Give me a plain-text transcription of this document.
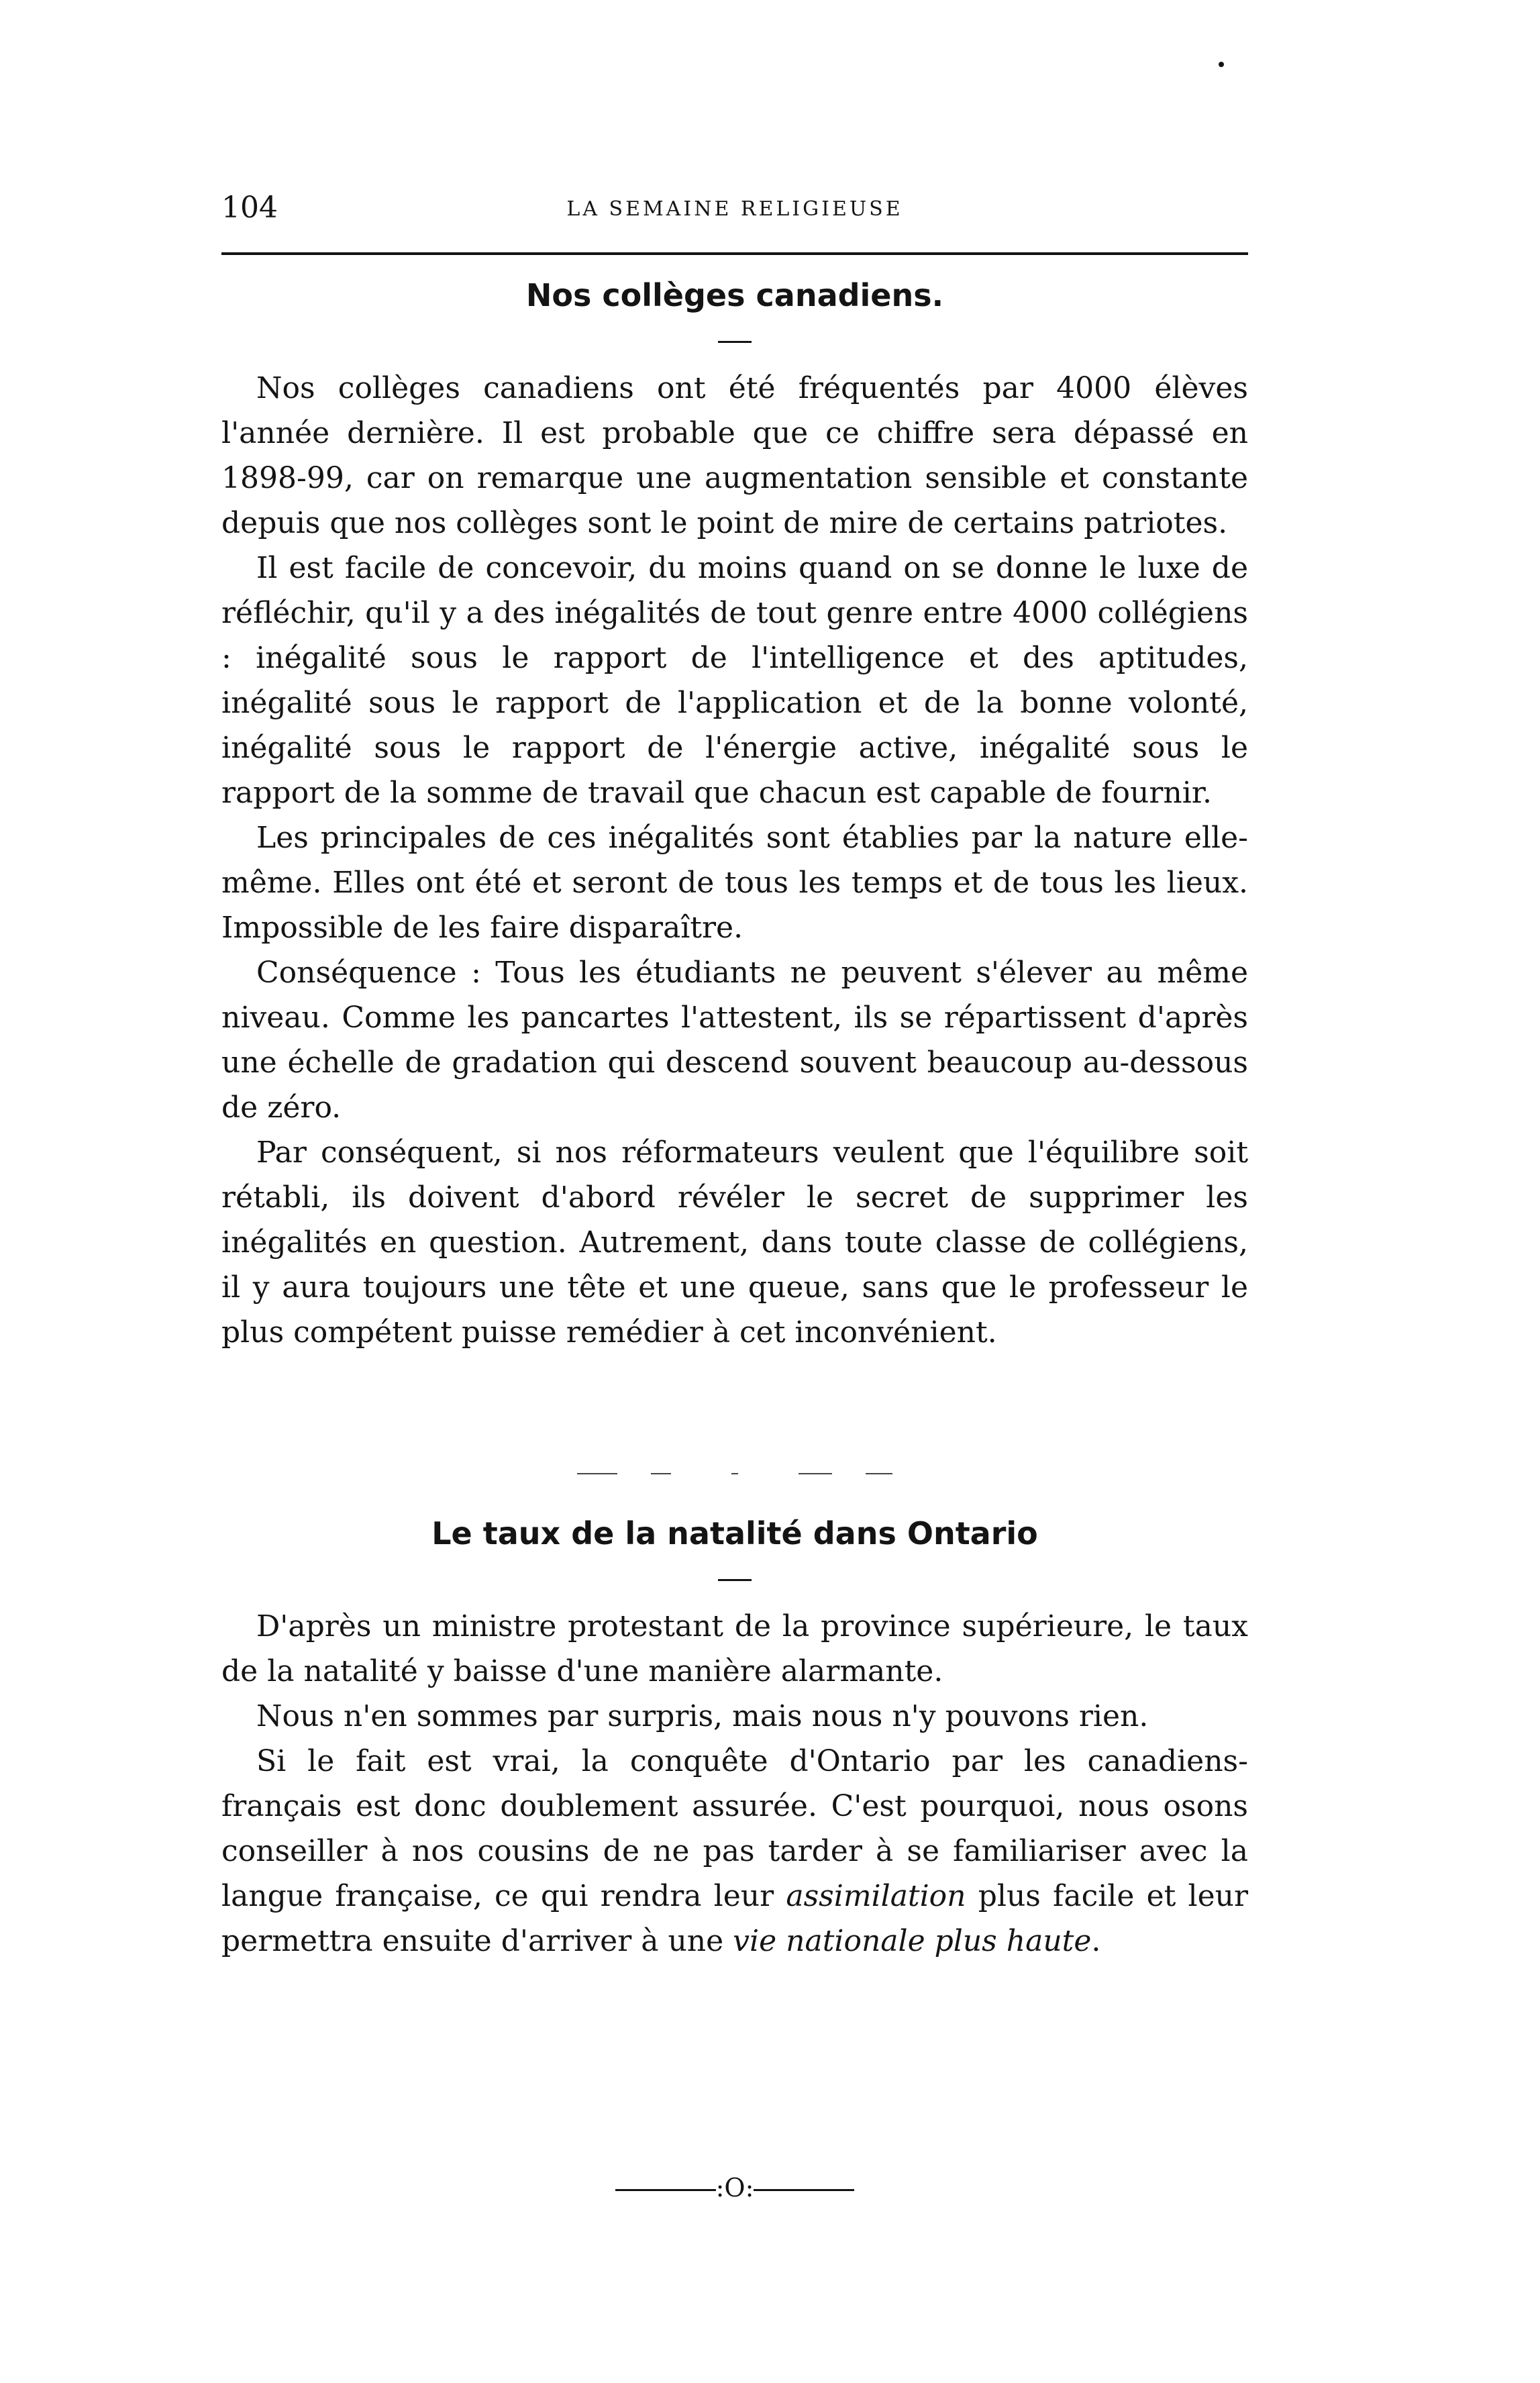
104	LA SEMAINE RELIGIEUSE
Nos collèges canadiens.

Nos collèges canadiens ont été fréquentés par 4000 élèves l'année dernière. Il est probable que ce chiffre sera dépassé en 1898-99, car on remarque une augmentation sensible et constante depuis que nos collèges sont le point de mire de certains patriotes.

Il est facile de concevoir, du moins quand on se donne le luxe de réfléchir, qu'il y a des inégalités de tout genre entre 4000 collégiens : inégalité sous le rapport de l'intelligence et des aptitudes, inégalité sous le rapport de l'application et de la bonne volonté, inégalité sous le rapport de l'énergie active, inégalité sous le rapport de la somme de travail que chacun est capable de fournir.

Les principales de ces inégalités sont établies par la nature elle-même. Elles ont été et seront de tous les temps et de tous les lieux. Impossible de les faire disparaître.

Conséquence : Tous les étudiants ne peuvent s'élever au même niveau. Comme les pancartes l'attestent, ils se répartissent d'après une échelle de gradation qui descend souvent beaucoup au-dessous de zéro.

Par conséquent, si nos réformateurs veulent que l'équilibre soit rétabli, ils doivent d'abord révéler le secret de supprimer les inégalités en question. Autrement, dans toute classe de collégiens, il y aura toujours une tête et une queue, sans que le professeur le plus compétent puisse remédier à cet inconvénient.

Le taux de la natalité dans Ontario

D'après un ministre protestant de la province supérieure, le taux de la natalité y baisse d'une manière alarmante.

Nous n'en sommes par surpris, mais nous n'y pouvons rien.

Si le fait est vrai, la conquête d'Ontario par les canadiens-français est donc doublement assurée. C'est pourquoi, nous osons conseiller à nos cousins de ne pas tarder à se familiariser avec la langue française, ce qui rendra leur assimilation plus facile et leur permettra ensuite d'arriver à une vie nationale plus haute.

:O:
